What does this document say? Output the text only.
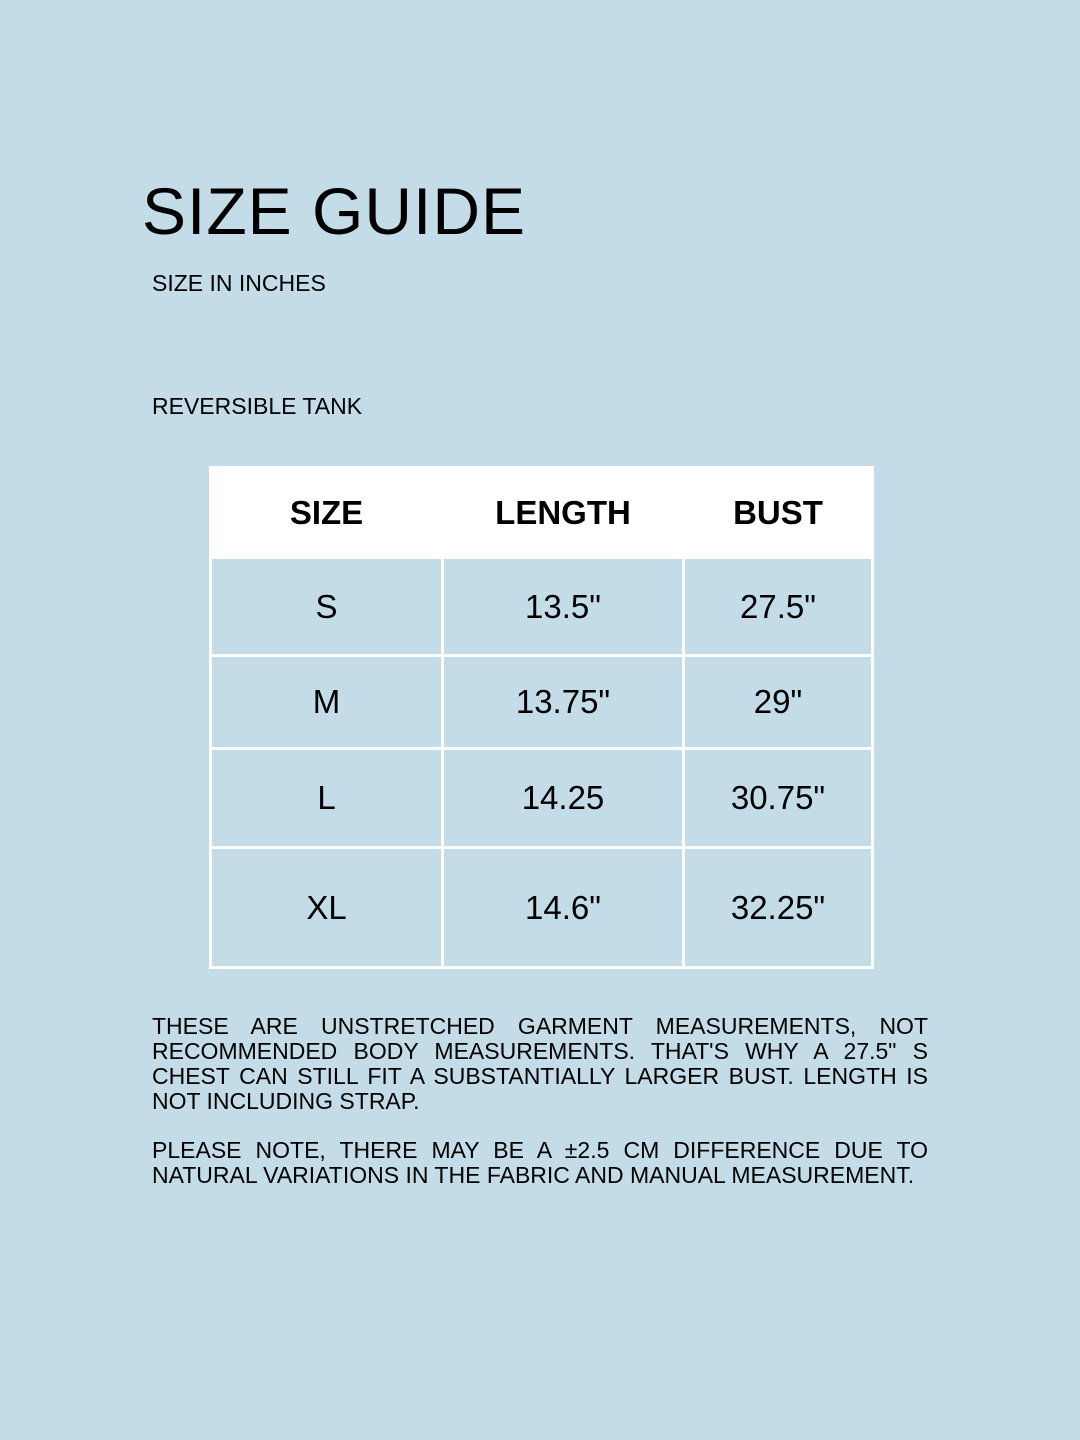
SIZE GUIDE
SIZE IN INCHES
REVERSIBLE TANK
SIZE	LENGTH	BUST
S	13.5"	27.5"
M	13.75"	29"
L	14.25	30.75"
XL	14.6"	32.25"

THESE ARE UNSTRETCHED GARMENT MEASUREMENTS, NOT RECOMMENDED BODY MEASUREMENTS. THAT'S WHY A 27.5" S CHEST CAN STILL FIT A SUBSTANTIALLY LARGER BUST. LENGTH IS NOT INCLUDING STRAP.

PLEASE NOTE, THERE MAY BE A ±2.5 CM DIFFERENCE DUE TO NATURAL VARIATIONS IN THE FABRIC AND MANUAL MEASUREMENT.
